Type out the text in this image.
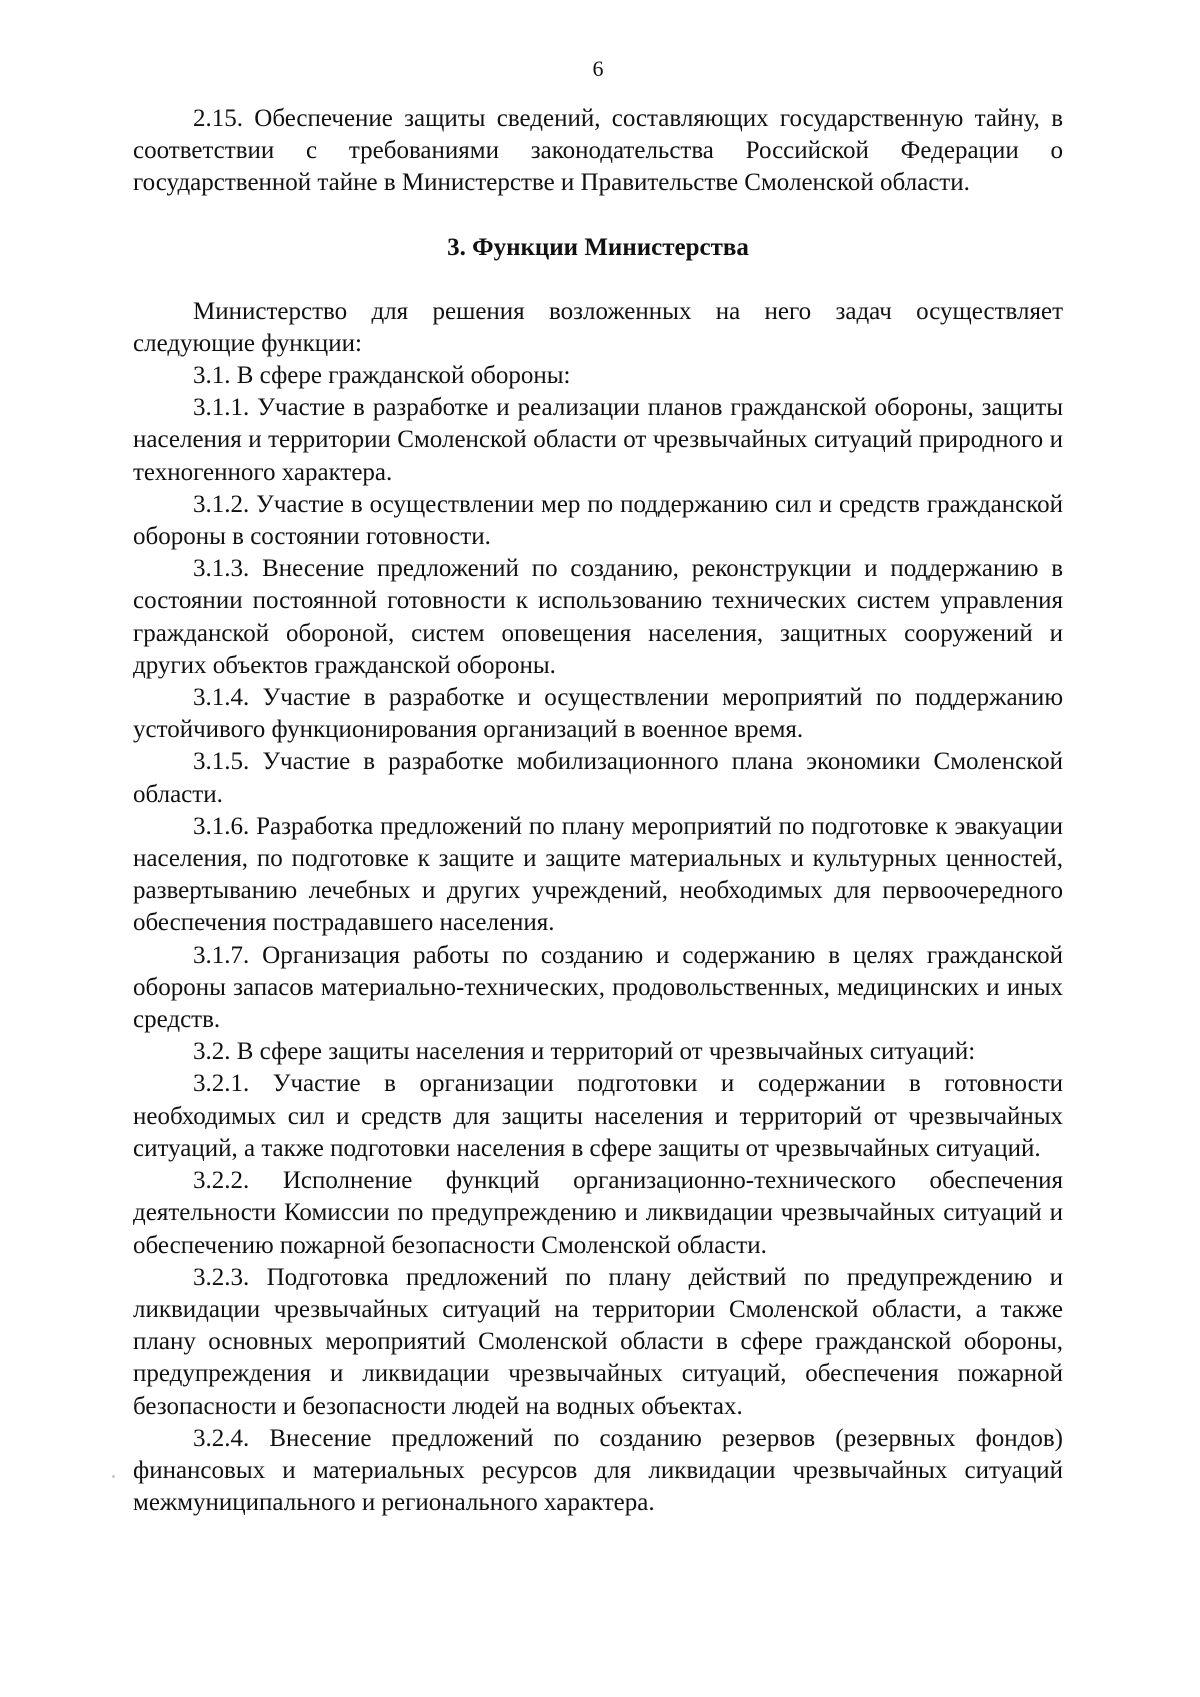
6

2.15. Обеспечение защиты сведений, составляющих государственную тайну, в соответствии с требованиями законодательства Российской Федерации о государственной тайне в Министерстве и Правительстве Смоленской области.

3. Функции Министерства

Министерство для решения возложенных на него задач осуществляет следующие функции:

3.1. В сфере гражданской обороны:

3.1.1. Участие в разработке и реализации планов гражданской обороны, защиты населения и территории Смоленской области от чрезвычайных ситуаций природного и техногенного характера.

3.1.2. Участие в осуществлении мер по поддержанию сил и средств гражданской обороны в состоянии готовности.

3.1.3. Внесение предложений по созданию, реконструкции и поддержанию в состоянии постоянной готовности к использованию технических систем управления гражданской обороной, систем оповещения населения, защитных сооружений и других объектов гражданской обороны.

3.1.4. Участие в разработке и осуществлении мероприятий по поддержанию устойчивого функционирования организаций в военное время.

3.1.5. Участие в разработке мобилизационного плана экономики Смоленской области.

3.1.6. Разработка предложений по плану мероприятий по подготовке к эвакуации населения, по подготовке к защите и защите материальных и культурных ценностей, развертыванию лечебных и других учреждений, необходимых для первоочередного обеспечения пострадавшего населения.

3.1.7. Организация работы по созданию и содержанию в целях гражданской обороны запасов материально-технических, продовольственных, медицинских и иных средств.

3.2. В сфере защиты населения и территорий от чрезвычайных ситуаций:

3.2.1. Участие в организации подготовки и содержании в готовности необходимых сил и средств для защиты населения и территорий от чрезвычайных ситуаций, а также подготовки населения в сфере защиты от чрезвычайных ситуаций.

3.2.2. Исполнение функций организационно-технического обеспечения деятельности Комиссии по предупреждению и ликвидации чрезвычайных ситуаций и обеспечению пожарной безопасности Смоленской области.

3.2.3. Подготовка предложений по плану действий по предупреждению и ликвидации чрезвычайных ситуаций на территории Смоленской области, а также плану основных мероприятий Смоленской области в сфере гражданской обороны, предупреждения и ликвидации чрезвычайных ситуаций, обеспечения пожарной безопасности и безопасности людей на водных объектах.

3.2.4. Внесение предложений по созданию резервов (резервных фондов) финансовых и материальных ресурсов для ликвидации чрезвычайных ситуаций межмуниципального и регионального характера.
